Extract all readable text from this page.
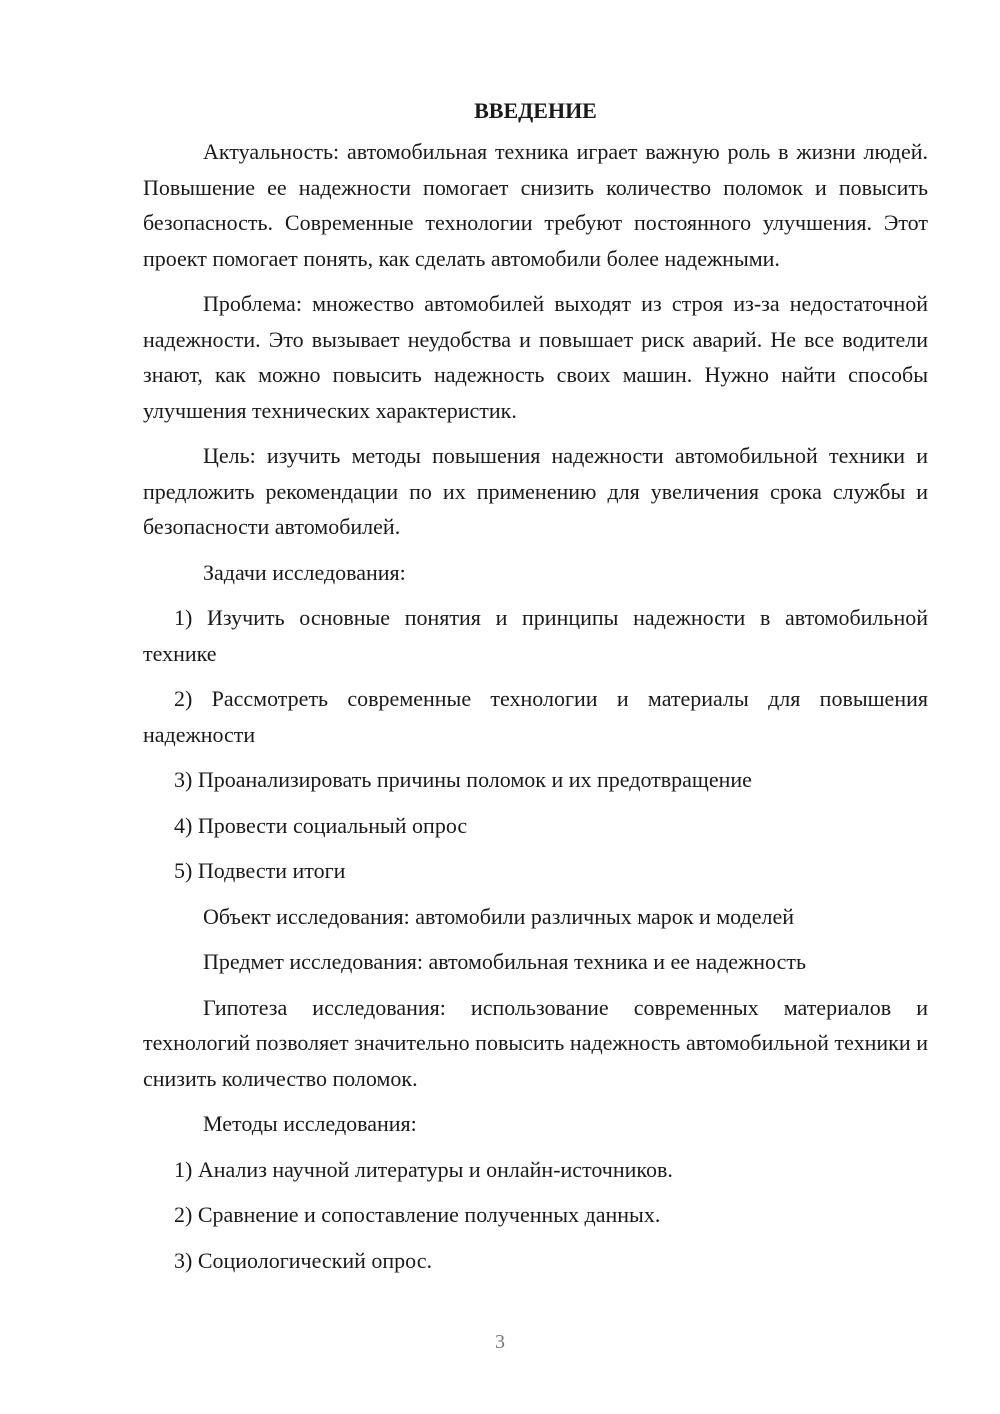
ВВЕДЕНИЕ

Актуальность: автомобильная техника играет важную роль в жизни людей. Повышение ее надежности помогает снизить количество поломок и повысить безопасность. Современные технологии требуют постоянного улучшения. Этот проект помогает понять, как сделать автомобили более надежными.

Проблема: множество автомобилей выходят из строя из-за недостаточной надежности. Это вызывает неудобства и повышает риск аварий. Не все водители знают, как можно повысить надежность своих машин. Нужно найти способы улучшения технических характеристик.

Цель: изучить методы повышения надежности автомобильной техники и предложить рекомендации по их применению для увеличения срока службы и безопасности автомобилей.

Задачи исследования:

1) Изучить основные понятия и принципы надежности в автомобильной технике

2) Рассмотреть современные технологии и материалы для повышения надежности

3) Проанализировать причины поломок и их предотвращение

4) Провести социальный опрос

5) Подвести итоги

Объект исследования: автомобили различных марок и моделей

Предмет исследования: автомобильная техника и ее надежность

Гипотеза исследования: использование современных материалов и технологий позволяет значительно повысить надежность автомобильной техники и снизить количество поломок.

Методы исследования:

1) Анализ научной литературы и онлайн-источников.

2) Сравнение и сопоставление полученных данных.

3) Социологический опрос.

3
